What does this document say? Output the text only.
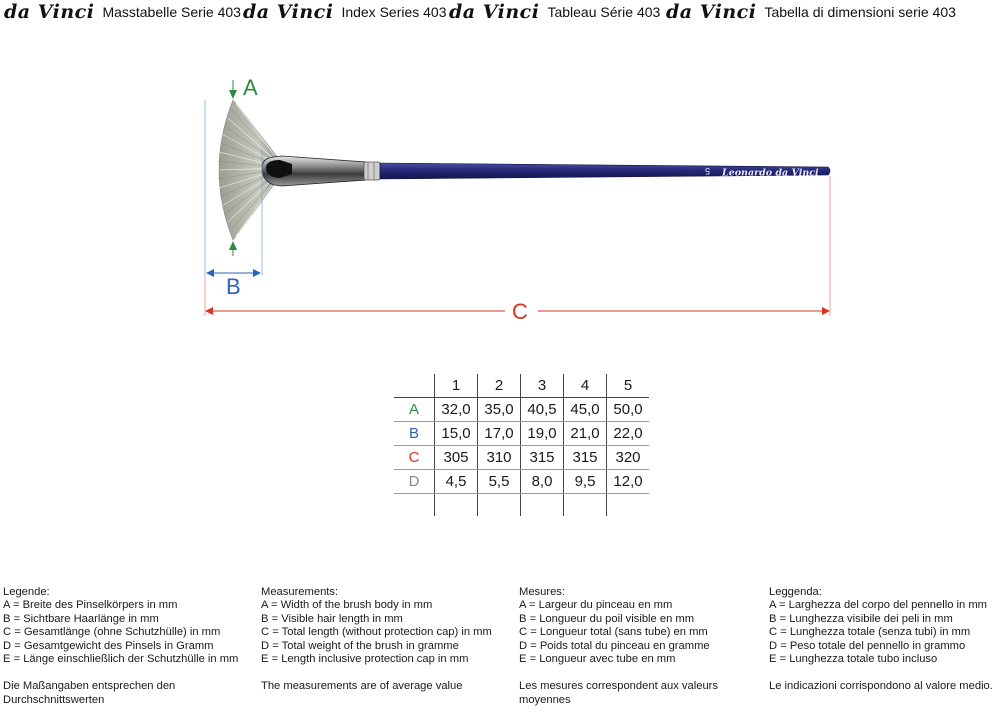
da Vinci Masstabelle Serie 403 da Vinci Index Series 403 da Vinci Tableau Série 403 da Vinci Tabella di dimensioni serie 403
5 Leonardo da Vinci
A
B
C
	1	2	3	4	5
A	32,0	35,0	40,5	45,0	50,0
B	15,0	17,0	19,0	21,0	22,0
C	305	310	315	315	320
D	4,5	5,5	8,0	9,5	12,0

Legende:
A = Breite des Pinselkörpers in mm
B = Sichtbare Haarlänge in mm
C = Gesamtlänge (ohne Schutzhülle) in mm
D = Gesamtgewicht des Pinsels in Gramm
E = Länge einschließlich der Schutzhülle in mm
Die Maßangaben entsprechen den Durchschnittswerten
Measurements:
A = Width of the brush body in mm
B = Visible hair length in mm
C = Total length (without protection cap) in mm
D = Total weight of the brush in gramme
E = Length inclusive protection cap in mm
The measurements are of average value
Mesures:
A = Largeur du pinceau en mm
B = Longueur du poil visible en mm
C = Longueur total (sans tube) en mm
D = Poids total du pinceau en gramme
E = Longueur avec tube en mm
Les mesures correspondent aux valeurs moyennes
Leggenda:
A = Larghezza del corpo del pennello in mm
B = Lunghezza visibile dei peli in mm
C = Lunghezza totale (senza tubi) in mm
D = Peso totale del pennello in grammo
E = Lunghezza totale tubo incluso
Le indicazioni corrispondono al valore medio.
